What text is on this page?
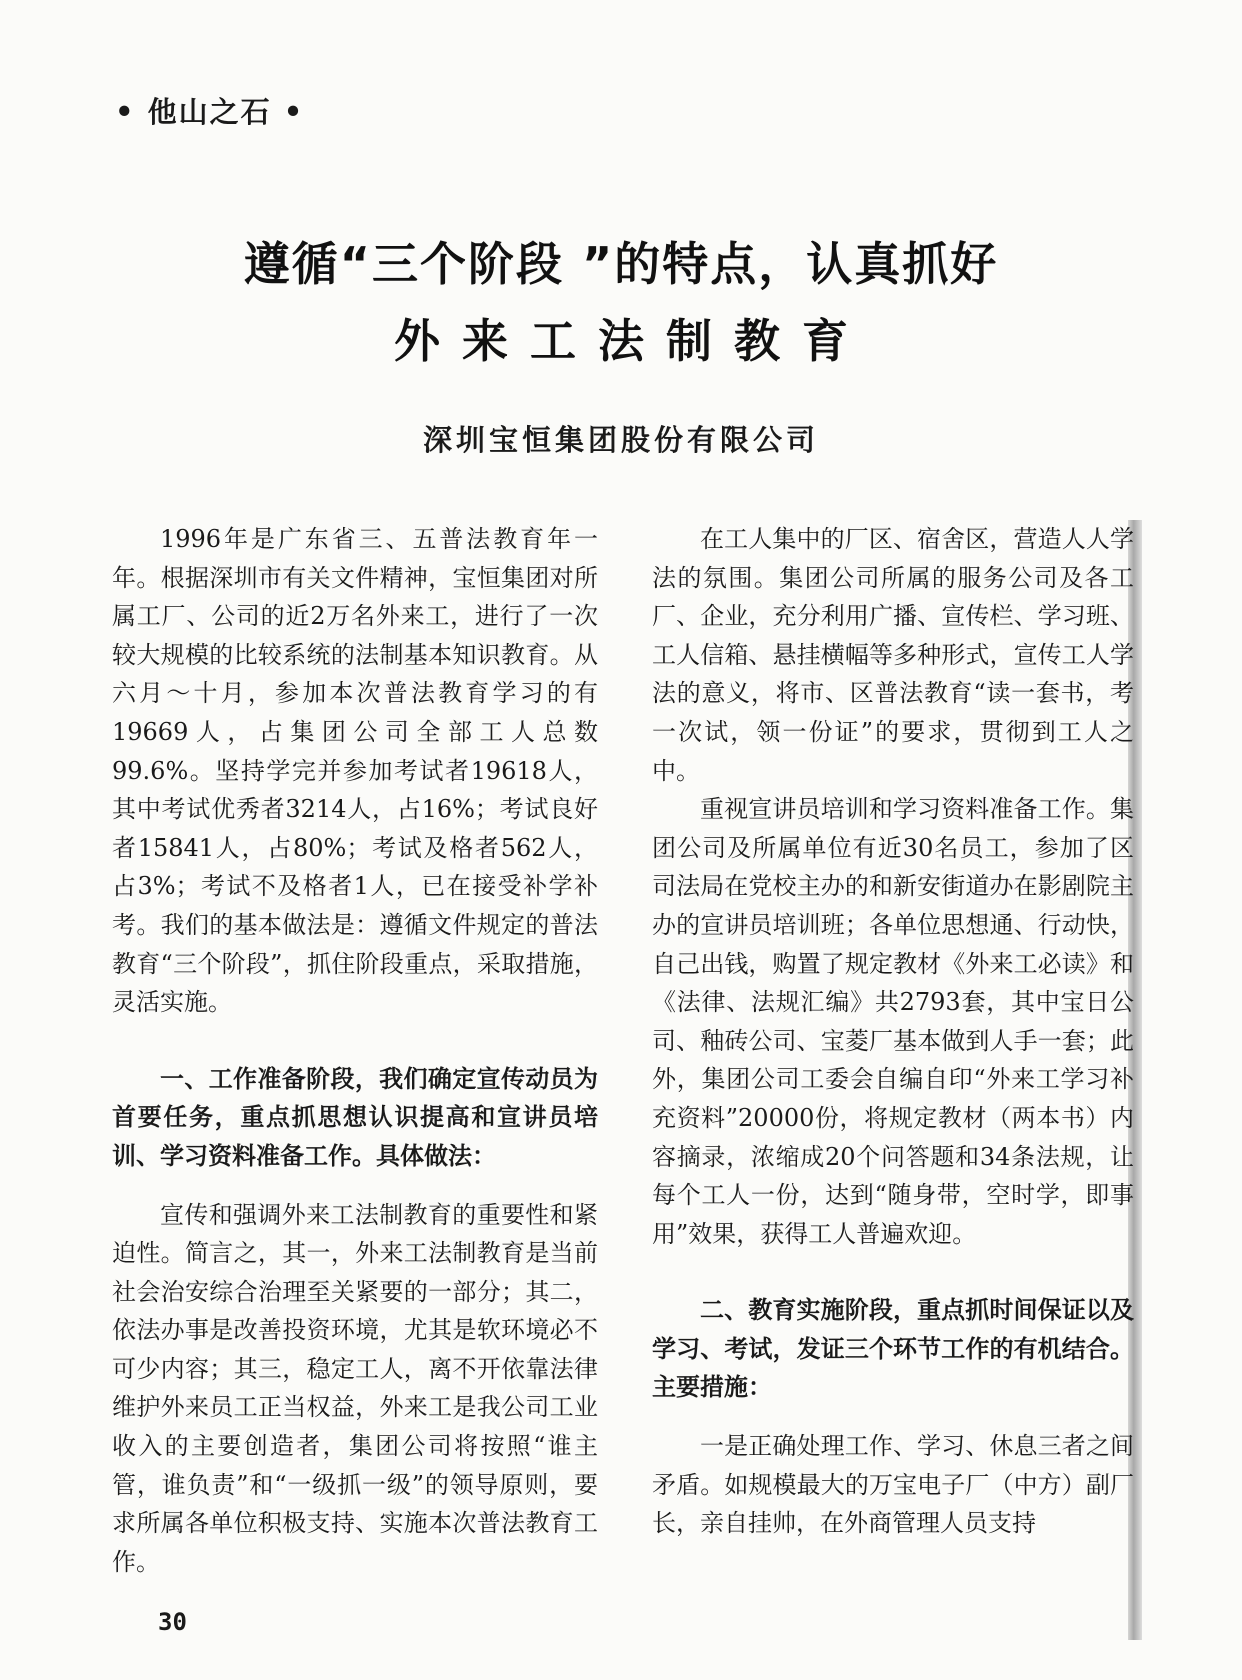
• 他山之石 •
遵循“三个阶段 ”的特点，认真抓好
外来工法制教育
深圳宝恒集团股份有限公司

1996年是广东省三、五普法教育年一年。根据深圳市有关文件精神，宝恒集团对所属工厂、公司的近2万名外来工，进行了一次较大规模的比较系统的法制基本知识教育。从六月～十月，参加本次普法教育学习的有19669人，占集团公司全部工人总数99.6%。坚持学完并参加考试者19618人，其中考试优秀者3214人，占16%；考试良好者15841人，占80%；考试及格者562人，占3%；考试不及格者1人，已在接受补学补考。我们的基本做法是：遵循文件规定的普法教育“三个阶段”，抓住阶段重点，采取措施，灵活实施。

一、工作准备阶段，我们确定宣传动员为首要任务，重点抓思想认识提高和宣讲员培训、学习资料准备工作。具体做法：

宣传和强调外来工法制教育的重要性和紧迫性。简言之，其一，外来工法制教育是当前社会治安综合治理至关紧要的一部分；其二，依法办事是改善投资环境，尤其是软环境必不可少内容；其三，稳定工人，离不开依靠法律维护外来员工正当权益，外来工是我公司工业收入的主要创造者，集团公司将按照“谁主管，谁负责”和“一级抓一级”的领导原则，要求所属各单位积极支持、实施本次普法教育工作。

在工人集中的厂区、宿舍区，营造人人学法的氛围。集团公司所属的服务公司及各工厂、企业，充分利用广播、宣传栏、学习班、工人信箱、悬挂横幅等多种形式，宣传工人学法的意义，将市、区普法教育“读一套书，考一次试，领一份证”的要求，贯彻到工人之中。

重视宣讲员培训和学习资料准备工作。集团公司及所属单位有近30名员工，参加了区司法局在党校主办的和新安街道办在影剧院主办的宣讲员培训班；各单位思想通、行动快，自己出钱，购置了规定教材《外来工必读》和《法律、法规汇编》共2793套，其中宝日公司、釉砖公司、宝菱厂基本做到人手一套；此外，集团公司工委会自编自印“外来工学习补充资料”20000份，将规定教材（两本书）内容摘录，浓缩成20个问答题和34条法规，让每个工人一份，达到“随身带，空时学，即事用”效果，获得工人普遍欢迎。

二、教育实施阶段，重点抓时间保证以及学习、考试，发证三个环节工作的有机结合。主要措施：

一是正确处理工作、学习、休息三者之间矛盾。如规模最大的万宝电子厂（中方）副厂长，亲自挂帅，在外商管理人员支持

30
